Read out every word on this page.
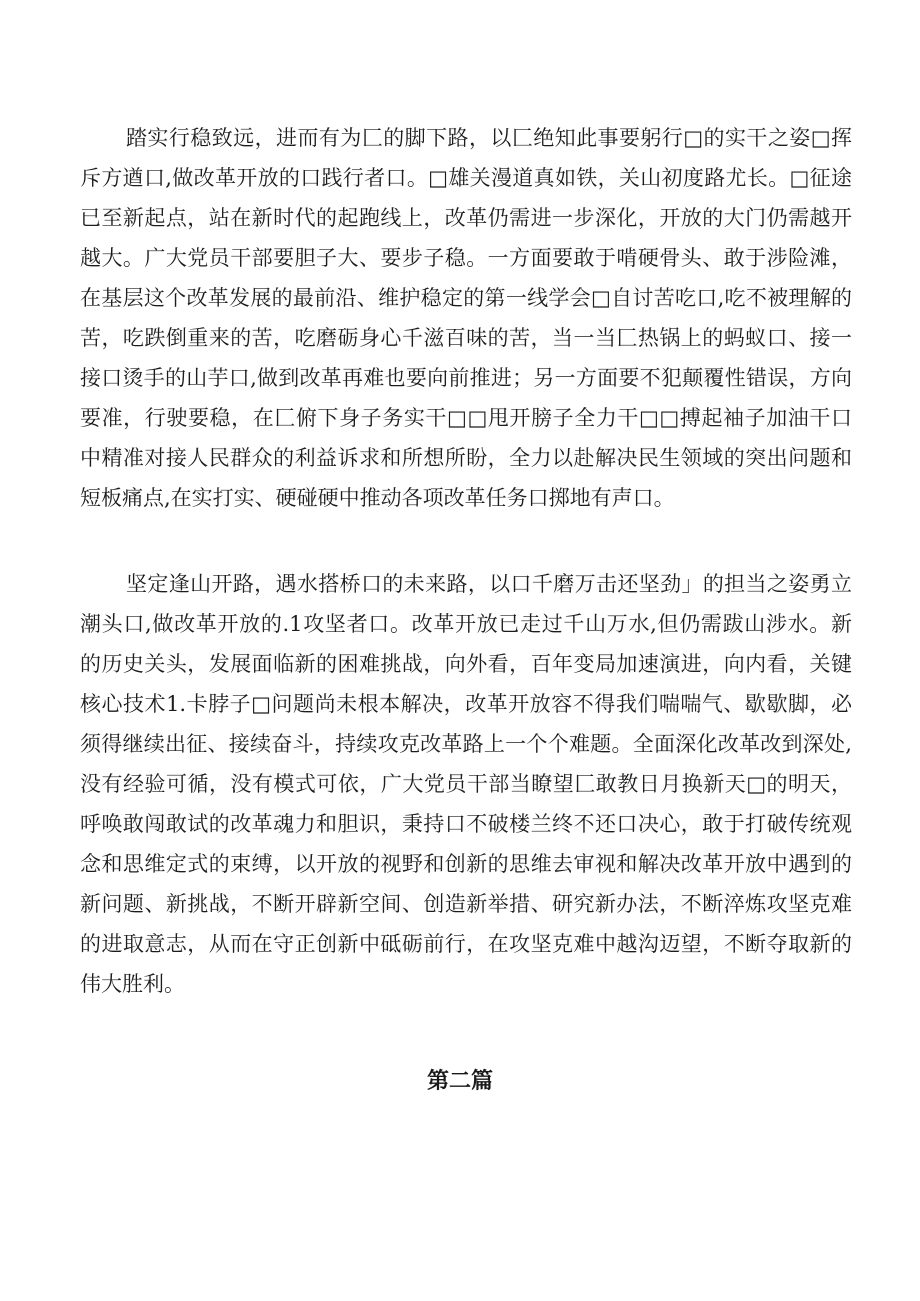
踏实行稳致远，进而有为匚的脚下路，以匚绝知此事要躬行□的实干之姿□挥
斥方遒口,做改革开放的口践行者口。□雄关漫道真如铁，关山初度路尤长。□征途
已至新起点，站在新时代的起跑线上，改革仍需进一步深化，开放的大门仍需越开
越大。广大党员干部要胆子大、要步子稳。一方面要敢于啃硬骨头、敢于涉险滩，
在基层这个改革发展的最前沿、维护稳定的第一线学会□自讨苦吃口,吃不被理解的
苦，吃跌倒重来的苦，吃磨砺身心千滋百味的苦，当一当匚热锅上的蚂蚁口、接一
接口烫手的山芋口,做到改革再难也要向前推进；另一方面要不犯颠覆性错误，方向
要准，行驶要稳，在匚俯下身子务实干□□甩开膀子全力干□□搏起袖子加油干口
中精准对接人民群众的利益诉求和所想所盼，全力以赴解决民生领域的突出问题和
短板痛点,在实打实、硬碰硬中推动各项改革任务口掷地有声口。
坚定逢山开路，遇水搭桥口的未来路，以口千磨万击还坚劲」的担当之姿勇立
潮头口,做改革开放的.1攻坚者口。改革开放已走过千山万水,但仍需跋山涉水。新
的历史关头，发展面临新的困难挑战，向外看，百年变局加速演进，向内看，关键
核心技术1.卡脖子□问题尚未根本解决，改革开放容不得我们喘喘气、歇歇脚，必
须得继续出征、接续奋斗，持续攻克改革路上一个个难题。全面深化改革改到深处,
没有经验可循，没有模式可依，广大党员干部当瞭望匚敢教日月换新天□的明天，
呼唤敢闯敢试的改革魂力和胆识，秉持口不破楼兰终不还口决心，敢于打破传统观
念和思维定式的束缚，以开放的视野和创新的思维去审视和解决改革开放中遇到的
新问题、新挑战，不断开辟新空间、创造新举措、研究新办法，不断淬炼攻坚克难
的进取意志，从而在守正创新中砥砺前行，在攻坚克难中越沟迈望，不断夺取新的
伟大胜利。
第二篇
